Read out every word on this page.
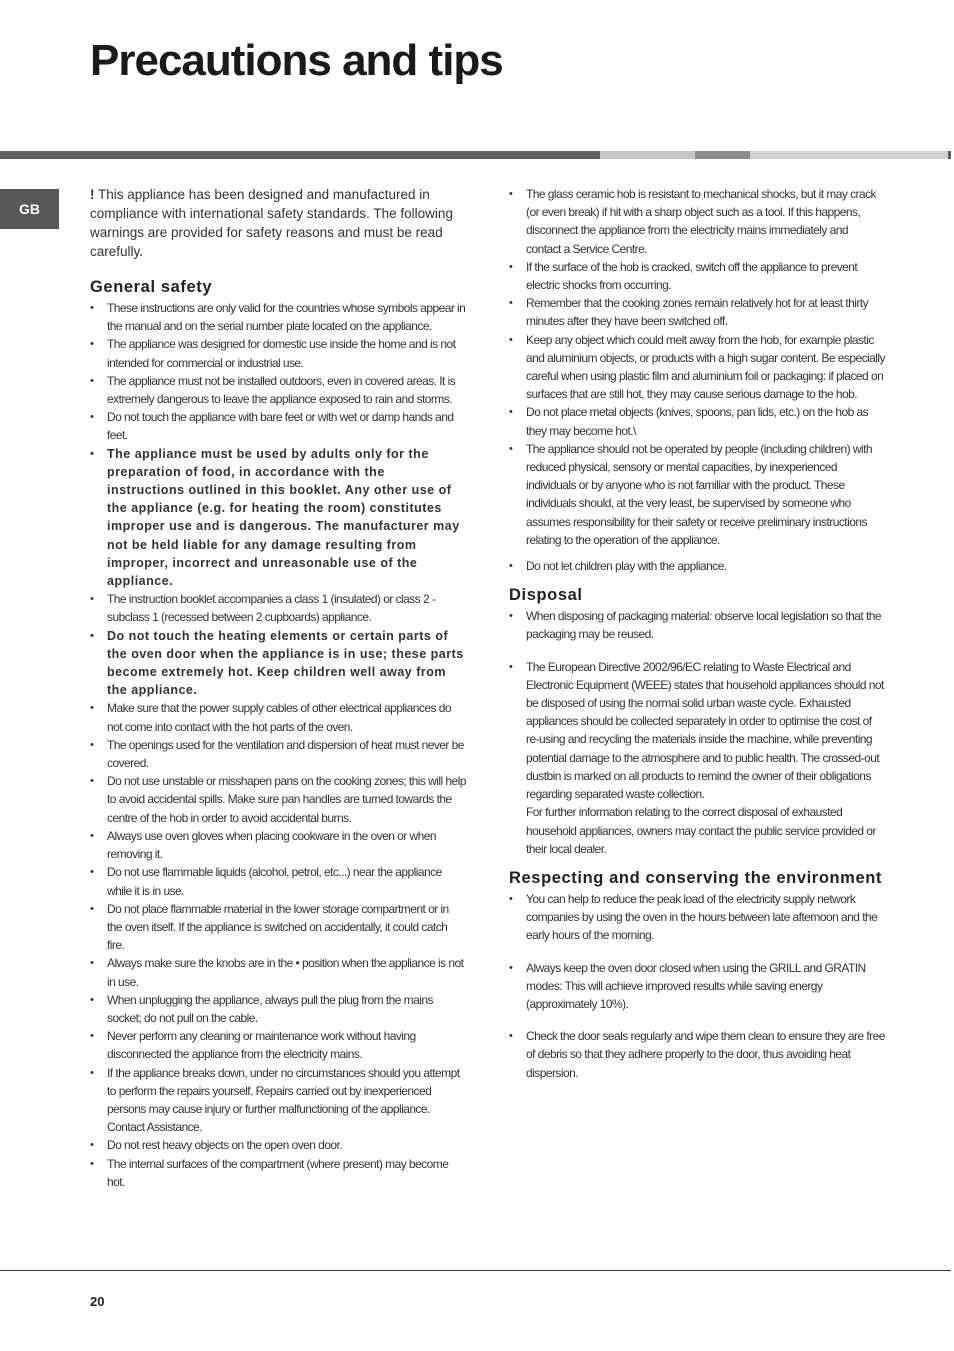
Precautions and tips
GB

! This appliance has been designed and manufactured in compliance with international safety standards. The following warnings are provided for safety reasons and must be read carefully.

General safety
• These instructions are only valid for the countries whose symbols appear in the manual and on the serial number plate located on the appliance.
• The appliance was designed for domestic use inside the home and is not intended for commercial or industrial use.
• The appliance must not be installed outdoors, even in covered areas. It is extremely dangerous to leave the appliance exposed to rain and storms.
• Do not touch the appliance with bare feet or with wet or damp hands and feet.
• The appliance must be used by adults only for the preparation of food, in accordance with the instructions outlined in this booklet. Any other use of the appliance (e.g. for heating the room) constitutes improper use and is dangerous. The manufacturer may not be held liable for any damage resulting from improper, incorrect and unreasonable use of the appliance.
• The instruction booklet accompanies a class 1 (insulated) or class 2 - subclass 1 (recessed between 2 cupboards) appliance.
• Do not touch the heating elements or certain parts of the oven door when the appliance is in use; these parts become extremely hot. Keep children well away from the appliance.
• Make sure that the power supply cables of other electrical appliances do not come into contact with the hot parts of the oven.
• The openings used for the ventilation and dispersion of heat must never be covered.
• Do not use unstable or misshapen pans on the cooking zones; this will help to avoid accidental spills. Make sure pan handles are turned towards the centre of the hob in order to avoid accidental burns.
• Always use oven gloves when placing cookware in the oven or when removing it.
• Do not use flammable liquids (alcohol, petrol, etc...) near the appliance while it is in use.
• Do not place flammable material in the lower storage compartment or in the oven itself. If the appliance is switched on accidentally, it could catch fire.
• Always make sure the knobs are in the • position when the appliance is not in use.
• When unplugging the appliance, always pull the plug from the mains socket; do not pull on the cable.
• Never perform any cleaning or maintenance work without having disconnected the appliance from the electricity mains.
• If the appliance breaks down, under no circumstances should you attempt to perform the repairs yourself. Repairs carried out by inexperienced persons may cause injury or further malfunctioning of the appliance. Contact Assistance.
• Do not rest heavy objects on the open oven door.
• The internal surfaces of the compartment (where present) may become hot.
• The glass ceramic hob is resistant to mechanical shocks, but it may crack (or even break) if hit with a sharp object such as a tool. If this happens, disconnect the appliance from the electricity mains immediately and contact a Service Centre.
• If the surface of the hob is cracked, switch off the appliance to prevent electric shocks from occurring.
• Remember that the cooking zones remain relatively hot for at least thirty minutes after they have been switched off.
• Keep any object which could melt away from the hob, for example plastic and aluminium objects, or products with a high sugar content. Be especially careful when using plastic film and aluminium foil or packaging: if placed on surfaces that are still hot, they may cause serious damage to the hob.
• Do not place metal objects (knives, spoons, pan lids, etc.) on the hob as they may become hot.\
• The appliance should not be operated by people (including children) with reduced physical, sensory or mental capacities, by inexperienced individuals or by anyone who is not familiar with the product. These individuals should, at the very least, be supervised by someone who assumes responsibility for their safety or receive preliminary instructions relating to the operation of the appliance.
• Do not let children play with the appliance.
Disposal
• When disposing of packaging material: observe local legislation so that the packaging may be reused.
• The European Directive 2002/96/EC relating to Waste Electrical and Electronic Equipment (WEEE) states that household appliances should not be disposed of using the normal solid urban waste cycle. Exhausted appliances should be collected separately in order to optimise the cost of re-using and recycling the materials inside the machine, while preventing potential damage to the atmosphere and to public health. The crossed-out dustbin is marked on all products to remind the owner of their obligations regarding separated waste collection.
For further information relating to the correct disposal of exhausted household appliances, owners may contact the public service provided or their local dealer.
Respecting and conserving the environment
• You can help to reduce the peak load of the electricity supply network companies by using the oven in the hours between late afternoon and the early hours of the morning.
• Always keep the oven door closed when using the GRILL and GRATIN modes: This will achieve improved results while saving energy (approximately 10%).
• Check the door seals regularly and wipe them clean to ensure they are free of debris so that they adhere properly to the door, thus avoiding heat dispersion.
20
